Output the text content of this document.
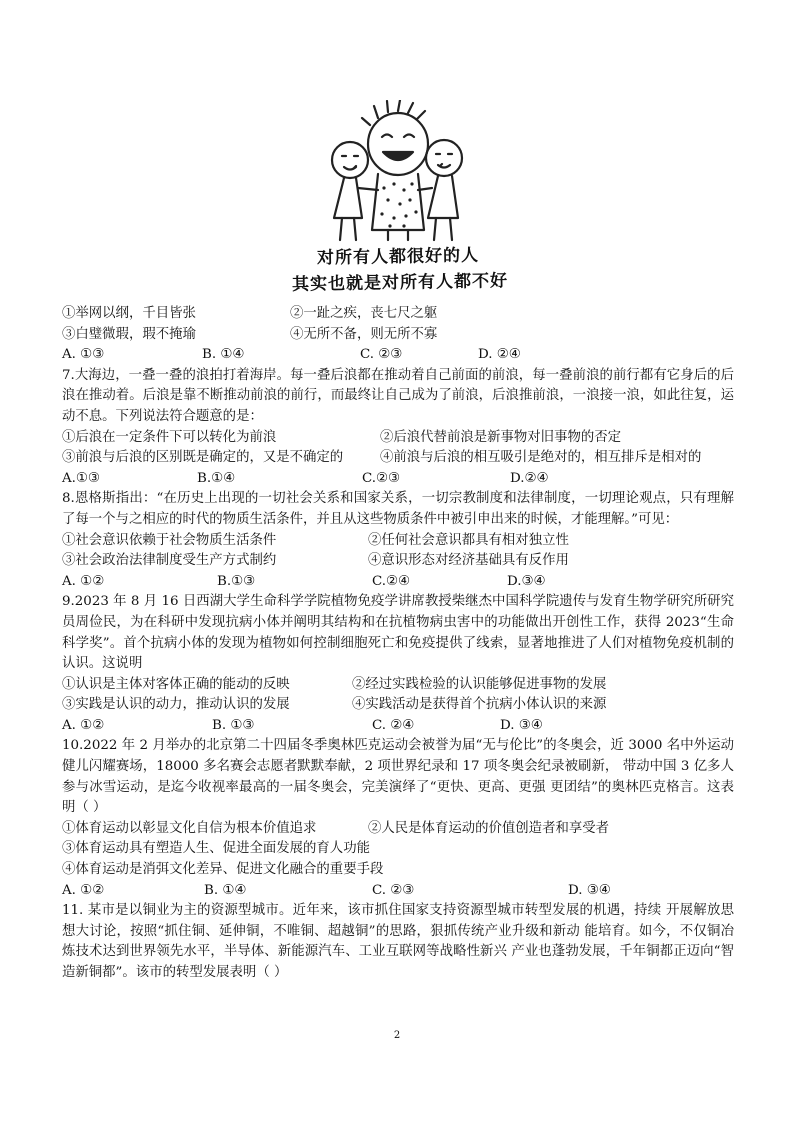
对所有人都很好的人
其实也就是对所有人都不好
①举网以纲，千目皆张	②一趾之疾，丧七尺之躯
③白璧微瑕，瑕不掩瑜	④无所不备，则无所不寡
A. ①③	B. ①④	C. ②③	D. ②④

7.大海边，一叠一叠的浪拍打着海岸。每一叠后浪都在推动着自己前面的前浪，每一叠前浪的前行都有它身后的后浪在推动着。后浪是靠不断推动前浪的前行，而最终让自己成为了前浪，后浪推前浪，一浪接一浪，如此往复，运动不息。下列说法符合题意的是：

①后浪在一定条件下可以转化为前浪	②后浪代替前浪是新事物对旧事物的否定
③前浪与后浪的区别既是确定的，又是不确定的	④前浪与后浪的相互吸引是绝对的，相互排斥是相对的
A.①③	B.①④	C.②③	D.②④

8.恩格斯指出：“在历史上出现的一切社会关系和国家关系，一切宗教制度和法律制度，一切理论观点，只有理解了每一个与之相应的时代的物质生活条件，并且从这些物质条件中被引申出来的时候，才能理解。”可见：

①社会意识依赖于社会物质生活条件	②任何社会意识都具有相对独立性
③社会政治法律制度受生产方式制约	④意识形态对经济基础具有反作用
A. ①②	B.①③	C.②④	D.③④

9.2023 年 8 月 16 日西湖大学生命科学学院植物免疫学讲席教授柴继杰中国科学院遗传与发育生物学研究所研究员周俭民，为在科研中发现抗病小体并阐明其结构和在抗植物病虫害中的功能做出开创性工作，获得 2023“生命科学奖”。首个抗病小体的发现为植物如何控制细胞死亡和免疫提供了线索，显著地推进了人们对植物免疫机制的认识。这说明

①认识是主体对客体正确的能动的反映	②经过实践检验的认识能够促进事物的发展
③实践是认识的动力，推动认识的发展	④实践活动是获得首个抗病小体认识的来源
A. ①②	B. ①③	C. ②④	D. ③④

10.2022 年 2 月举办的北京第二十四届冬季奥林匹克运动会被誉为届“无与伦比”的冬奥会，近 3000 名中外运动健儿闪耀赛场，18000 多名赛会志愿者默默奉献，2 项世界纪录和 17 项冬奥会纪录被刷新， 带动中国 3 亿多人参与冰雪运动，是迄今收视率最高的一届冬奥会，完美演绎了“更快、更高、更强 更团结”的奥林匹克格言。这表明（ ）

①体育运动以彰显文化自信为根本价值追求	②人民是体育运动的价值创造者和享受者
③体育运动具有塑造人生、促进全面发展的育人功能
④体育运动是消弭文化差异、促进文化融合的重要手段
A. ①②	B. ①④	C. ②③	D. ③④

11. 某市是以铜业为主的资源型城市。近年来，该市抓住国家支持资源型城市转型发展的机遇，持续 开展解放思想大讨论，按照“抓住铜、延伸铜，不唯铜、超越铜”的思路，狠抓传统产业升级和新动 能培育。如今，不仅铜冶炼技术达到世界领先水平，半导体、新能源汽车、工业互联网等战略性新兴 产业也蓬勃发展，千年铜都正迈向“智造新铜都”。该市的转型发展表明（ ）

2
